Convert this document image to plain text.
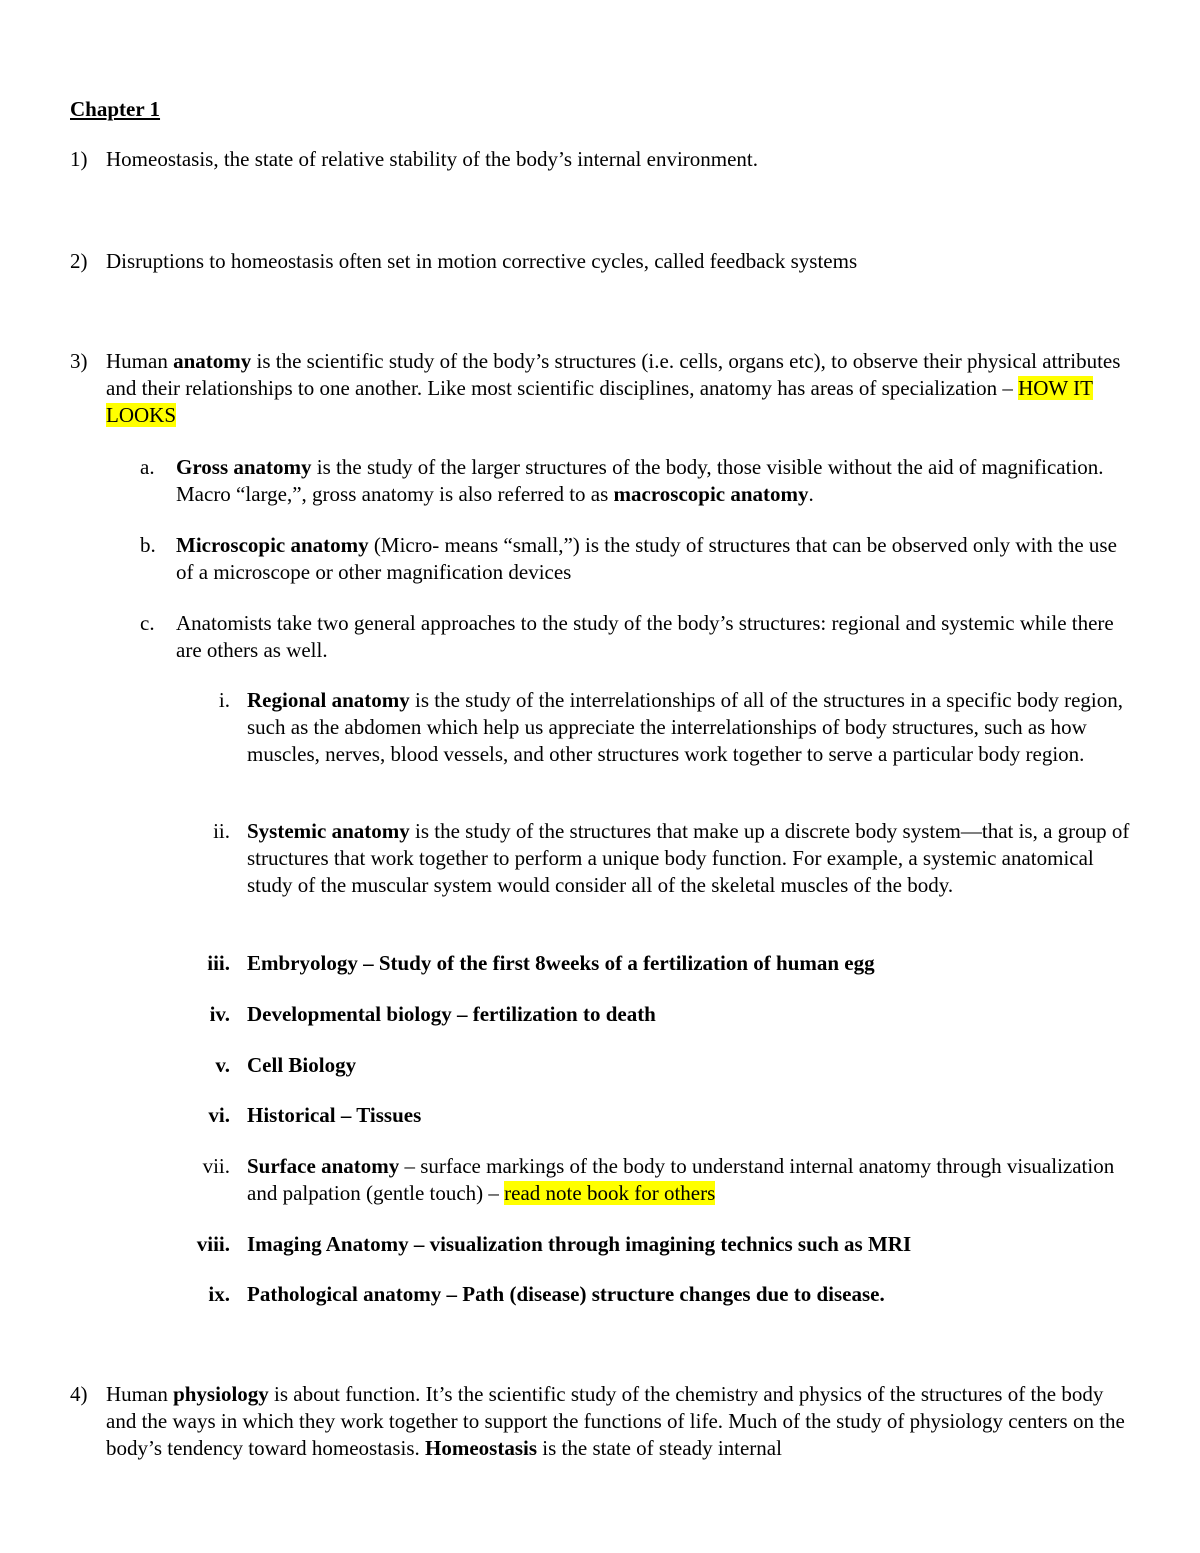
Chapter 1
1) Homeostasis, the state of relative stability of the body’s internal environment.
2) Disruptions to homeostasis often set in motion corrective cycles, called feedback systems
3) Human anatomy is the scientific study of the body’s structures (i.e. cells, organs etc), to observe their physical attributes and their relationships to one another. Like most scientific disciplines, anatomy has areas of specialization – HOW IT LOOKS
a. Gross anatomy is the study of the larger structures of the body, those visible without the aid of magnification. Macro “large,”, gross anatomy is also referred to as macroscopic anatomy.
b. Microscopic anatomy (Micro- means “small,”) is the study of structures that can be observed only with the use of a microscope or other magnification devices
c. Anatomists take two general approaches to the study of the body’s structures: regional and systemic while there are others as well.
i. Regional anatomy is the study of the interrelationships of all of the structures in a specific body region, such as the abdomen which help us appreciate the interrelationships of body structures, such as how muscles, nerves, blood vessels, and other structures work together to serve a particular body region.
ii. Systemic anatomy is the study of the structures that make up a discrete body system—that is, a group of structures that work together to perform a unique body function. For example, a systemic anatomical study of the muscular system would consider all of the skeletal muscles of the body.
iii. Embryology – Study of the first 8weeks of a fertilization of human egg
iv. Developmental biology – fertilization to death
v. Cell Biology
vi. Historical – Tissues
vii. Surface anatomy – surface markings of the body to understand internal anatomy through visualization and palpation (gentle touch) – read note book for others
viii. Imaging Anatomy – visualization through imagining technics such as MRI
ix. Pathological anatomy – Path (disease) structure changes due to disease.
4) Human physiology is about function. It’s the scientific study of the chemistry and physics of the structures of the body and the ways in which they work together to support the functions of life. Much of the study of physiology centers on the body’s tendency toward homeostasis. Homeostasis is the state of steady internal
